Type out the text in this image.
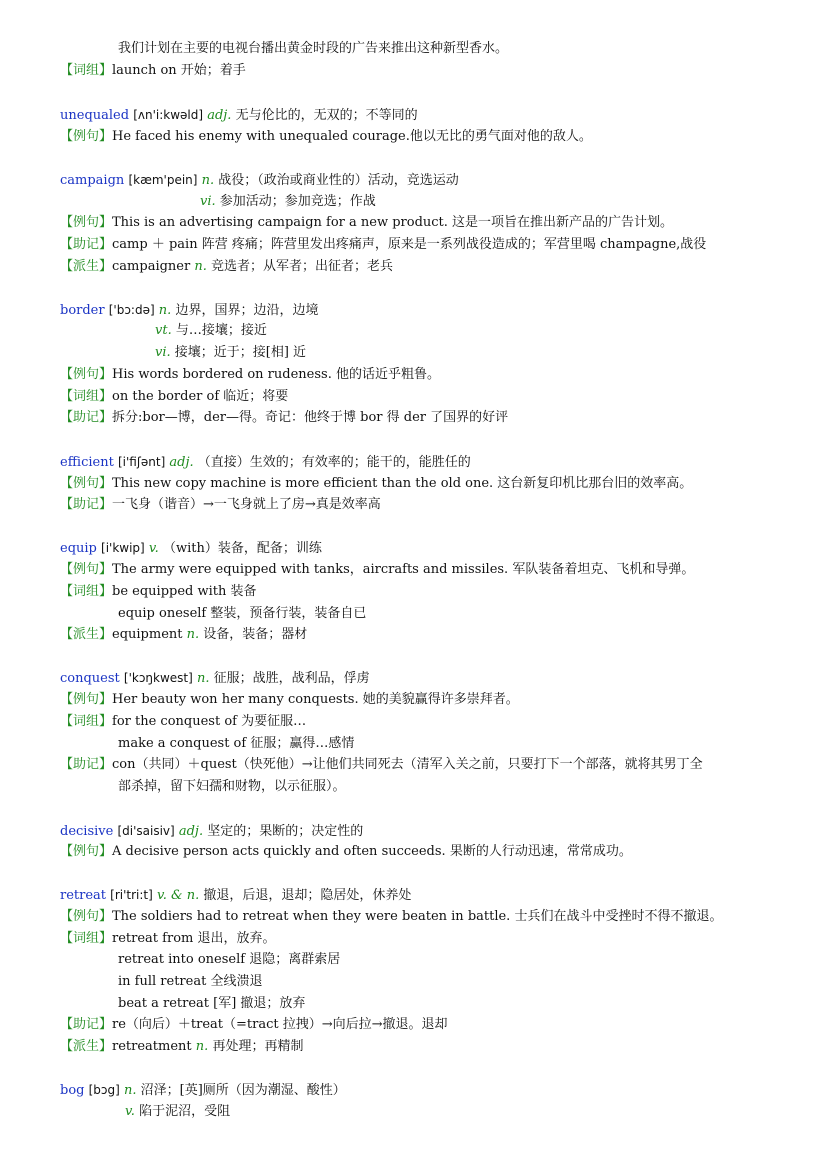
我们计划在主要的电视台播出黄金时段的广告来推出这种新型香水。
【词组】launch on 开始；着手
unequaled [ʌn'i:kwəld] adj. 无与伦比的，无双的；不等同的
【例句】He faced his enemy with unequaled courage.他以无比的勇气面对他的敌人。
campaign [kæm'pein] n. 战役；（政治或商业性的）活动，竞选运动
vi. 参加活动；参加竞选；作战
【例句】This is an advertising campaign for a new product. 这是一项旨在推出新产品的广告计划。
【助记】camp ＋ pain 阵营 疼痛；阵营里发出疼痛声，原来是一系列战役造成的；军营里喝 champagne,战役
【派生】campaigner n. 竞选者；从军者；出征者；老兵
border ['bɔ:də] n. 边界，国界；边沿，边境
vt. 与…接壤；接近
vi. 接壤；近于；接[相] 近
【例句】His words bordered on rudeness. 他的话近乎粗鲁。
【词组】on the border of 临近；将要
【助记】拆分:bor—博，der—得。奇记：他终于博 bor 得 der 了国界的好评
efficient [i'fiʃənt] adj. （直接）生效的；有效率的；能干的，能胜任的
【例句】This new copy machine is more efficient than the old one. 这台新复印机比那台旧的效率高。
【助记】一飞身（谐音）→一飞身就上了房→真是效率高
equip [i'kwip] v. （with）装备，配备；训练
【例句】The army were equipped with tanks，aircrafts and missiles. 军队装备着坦克、飞机和导弹。
【词组】be equipped with 装备
equip oneself 整装，预备行装，装备自已
【派生】equipment n. 设备，装备；器材
conquest ['kɔŋkwest] n. 征服；战胜，战利品，俘虏
【例句】Her beauty won her many conquests. 她的美貌赢得许多崇拜者。
【词组】for the conquest of 为要征服…
make a conquest of 征服；赢得…感情
【助记】con（共同）＋quest（快死他）→让他们共同死去（清军入关之前，只要打下一个部落，就将其男丁全
部杀掉，留下妇孺和财物，以示征服）。
decisive [di'saisiv] adj. 坚定的；果断的；决定性的
【例句】A decisive person acts quickly and often succeeds. 果断的人行动迅速，常常成功。
retreat [ri'tri:t] v. & n. 撤退，后退，退却；隐居处，休养处
【例句】The soldiers had to retreat when they were beaten in battle. 士兵们在战斗中受挫时不得不撤退。
【词组】retreat from 退出，放弃。
retreat into oneself 退隐；离群索居
in full retreat 全线溃退
beat a retreat [军] 撤退；放弃
【助记】re（向后）＋treat（=tract 拉拽）→向后拉→撤退。退却
【派生】retreatment n. 再处理；再精制
bog [bɔg] n. 沼泽；[英]厕所（因为潮湿、酸性）
v. 陷于泥沼，受阻
